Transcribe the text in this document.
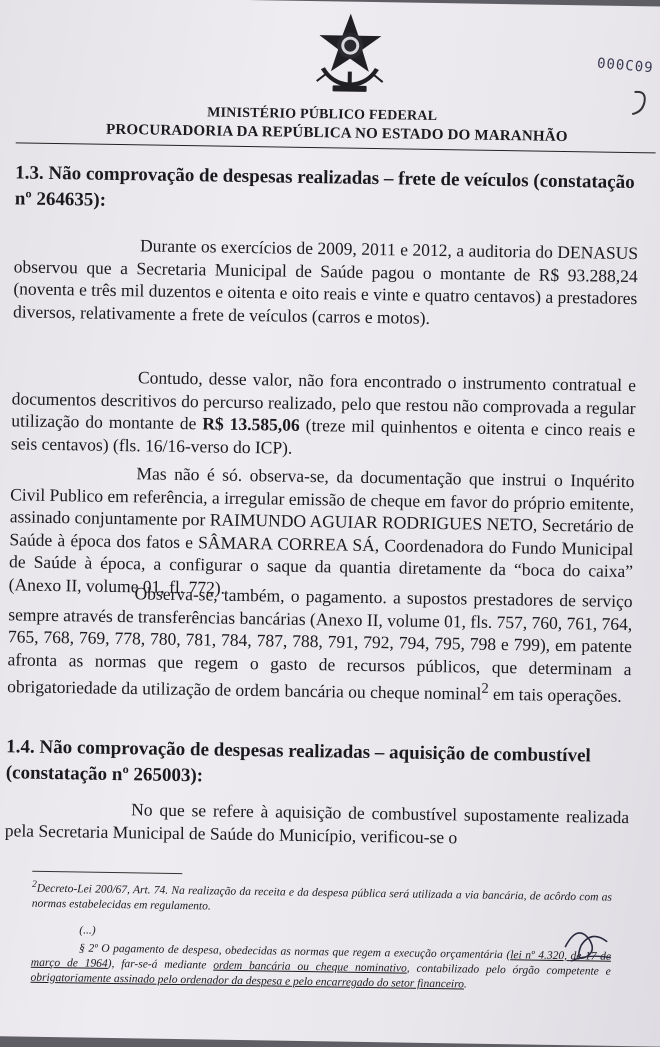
000C09
MINISTÉRIO PÚBLICO FEDERAL
PROCURADORIA DA REPÚBLICA NO ESTADO DO MARANHÃO
1.3. Não comprovação de despesas realizadas – frete de veículos (constatação nº 264635):
Durante os exercícios de 2009, 2011 e 2012, a auditoria do DENASUS observou que a Secretaria Municipal de Saúde pagou o montante de R$ 93.288,24 (noventa e três mil duzentos e oitenta e oito reais e vinte e quatro centavos) a prestadores diversos, relativamente a frete de veículos (carros e motos).
Contudo, desse valor, não fora encontrado o instrumento contratual e documentos descritivos do percurso realizado, pelo que restou não comprovada a regular utilização do montante de R$ 13.585,06 (treze mil quinhentos e oitenta e cinco reais e seis centavos) (fls. 16/16-verso do ICP).
Mas não é só. observa-se, da documentação que instrui o Inquérito Civil Publico em referência, a irregular emissão de cheque em favor do próprio emitente, assinado conjuntamente por RAIMUNDO AGUIAR RODRIGUES NETO, Secretário de Saúde à época dos fatos e SÂMARA CORREA SÁ, Coordenadora do Fundo Municipal de Saúde à época, a configurar o saque da quantia diretamente da “boca do caixa” (Anexo II, volume 01, fl. 772).
Observa-se, também, o pagamento. a supostos prestadores de serviço sempre através de transferências bancárias (Anexo II, volume 01, fls. 757, 760, 761, 764, 765, 768, 769, 778, 780, 781, 784, 787, 788, 791, 792, 794, 795, 798 e 799), em patente afronta as normas que regem o gasto de recursos públicos, que determinam a obrigatoriedade da utilização de ordem bancária ou cheque nominal$^2$ em tais operações.
1.4. Não comprovação de despesas realizadas – aquisição de combustível (constatação nº 265003):
No que se refere à aquisição de combustível supostamente realizada pela Secretaria Municipal de Saúde do Município, verificou-se o
$^2$Decreto-Lei 200/67, Art. 74. Na realização da receita e da despesa pública será utilizada a via bancária, de acôrdo com as normas estabelecidas em regulamento.
(...)
§ 2º O pagamento de despesa, obedecidas as normas que regem a execução orçamentária (lei nº 4.320, de 17 de março de 1964), far-se-á mediante ordem bancária ou cheque nominativo, contabilizado pelo órgão competente e obrigatoriamente assinado pelo ordenador da despesa e pelo encarregado do setor financeiro.
